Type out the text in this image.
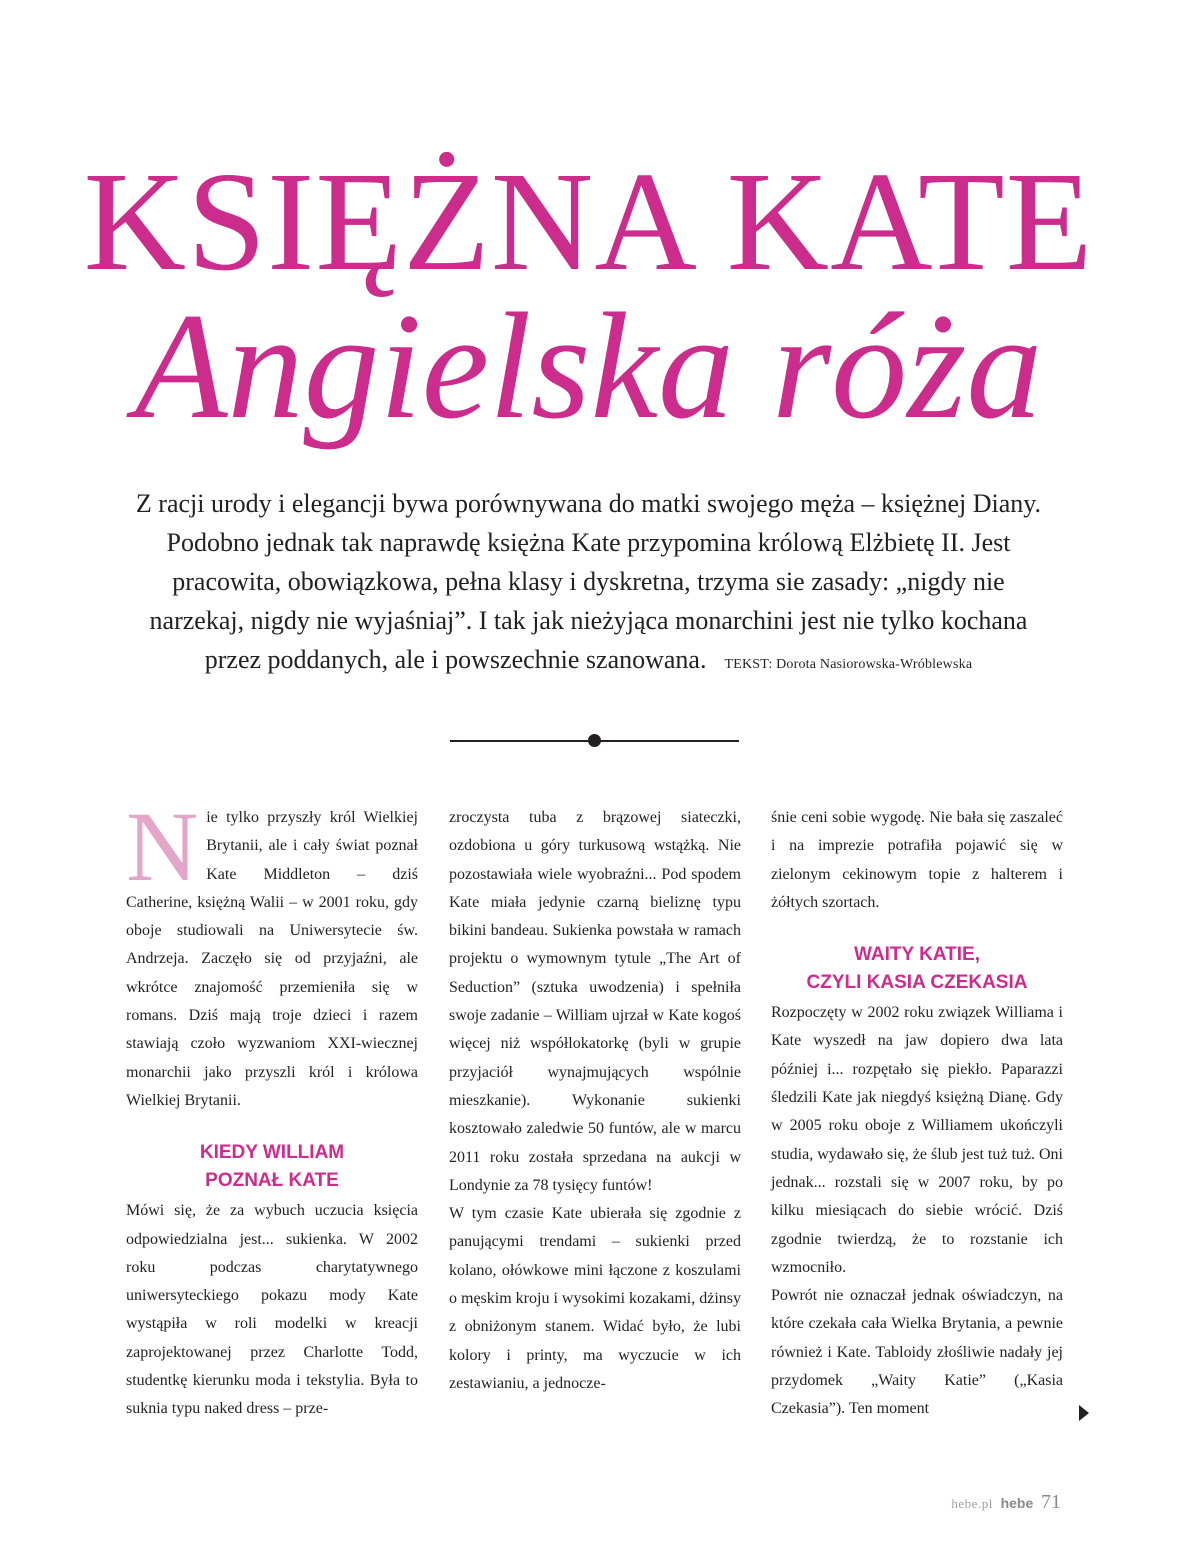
KSIĘŻNA KATE
Angielska róża

Z racji urody i elegancji bywa porównywana do matki swojego męża – księżnej Diany. Podobno jednak tak naprawdę księżna Kate przypomina królową Elżbietę II. Jest pracowita, obowiązkowa, pełna klasy i dyskretna, trzyma sie zasady: „nigdy nie narzekaj, nigdy nie wyjaśniaj”. I tak jak nieżyjąca monarchini jest nie tylko kochana przez poddanych, ale i powszechnie szanowana. TEKST: Dorota Nasiorowska-Wróblewska

Nie tylko przyszły król Wielkiej Brytanii, ale i cały świat poznał Kate Middleton – dziś Catherine, księżną Walii – w 2001 roku, gdy oboje studiowali na Uniwersytecie św. Andrzeja. Zaczęło się od przyjaźni, ale wkrótce znajomość przemieniła się w romans. Dziś mają troje dzieci i razem stawiają czoło wyzwaniom XXI-wiecznej monarchii jako przyszli król i królowa Wielkiej Brytanii.

KIEDY WILLIAM
POZNAŁ KATE

Mówi się, że za wybuch uczucia księcia odpowiedzialna jest... sukienka. W 2002 roku podczas charytatywnego uniwersyteckiego pokazu mody Kate wystąpiła w roli modelki w kreacji zaprojektowanej przez Charlotte Todd, studentkę kierunku moda i tekstylia. Była to suknia typu naked dress – prze-

zroczysta tuba z brązowej siateczki, ozdobiona u góry turkusową wstążką. Nie pozostawiała wiele wyobraźni... Pod spodem Kate miała jedynie czarną bieliznę typu bikini bandeau. Sukienka powstała w ramach projektu o wymownym tytule „The Art of Seduction” (sztuka uwodzenia) i spełniła swoje zadanie – William ujrzał w Kate kogoś więcej niż współlokatorkę (byli w grupie przyjaciół wynajmujących wspólnie mieszkanie). Wykonanie sukienki kosztowało zaledwie 50 funtów, ale w marcu 2011 roku została sprzedana na aukcji w Londynie za 78 tysięcy funtów!

W tym czasie Kate ubierała się zgodnie z panującymi trendami – sukienki przed kolano, ołówkowe mini łączone z koszulami o męskim kroju i wysokimi kozakami, dżinsy z obniżonym stanem. Widać było, że lubi kolory i printy, ma wyczucie w ich zestawianiu, a jednocze-

śnie ceni sobie wygodę. Nie bała się zaszaleć i na imprezie potrafiła pojawić się w zielonym cekinowym topie z halterem i żółtych szortach.

WAITY KATIE,
CZYLI KASIA CZEKASIA

Rozpoczęty w 2002 roku związek Williama i Kate wyszedł na jaw dopiero dwa lata później i... rozpętało się piekło. Paparazzi śledzili Kate jak niegdyś księżną Dianę. Gdy w 2005 roku oboje z Williamem ukończyli studia, wydawało się, że ślub jest tuż tuż. Oni jednak... rozstali się w 2007 roku, by po kilku miesiącach do siebie wrócić. Dziś zgodnie twierdzą, że to rozstanie ich wzmocniło.

Powrót nie oznaczał jednak oświadczyn, na które czekała cała Wielka Brytania, a pewnie również i Kate. Tabloidy złośliwie nadały jej przydomek „Waity Katie” („Kasia Czekasia”). Ten moment

hebe.pl hebe 71
